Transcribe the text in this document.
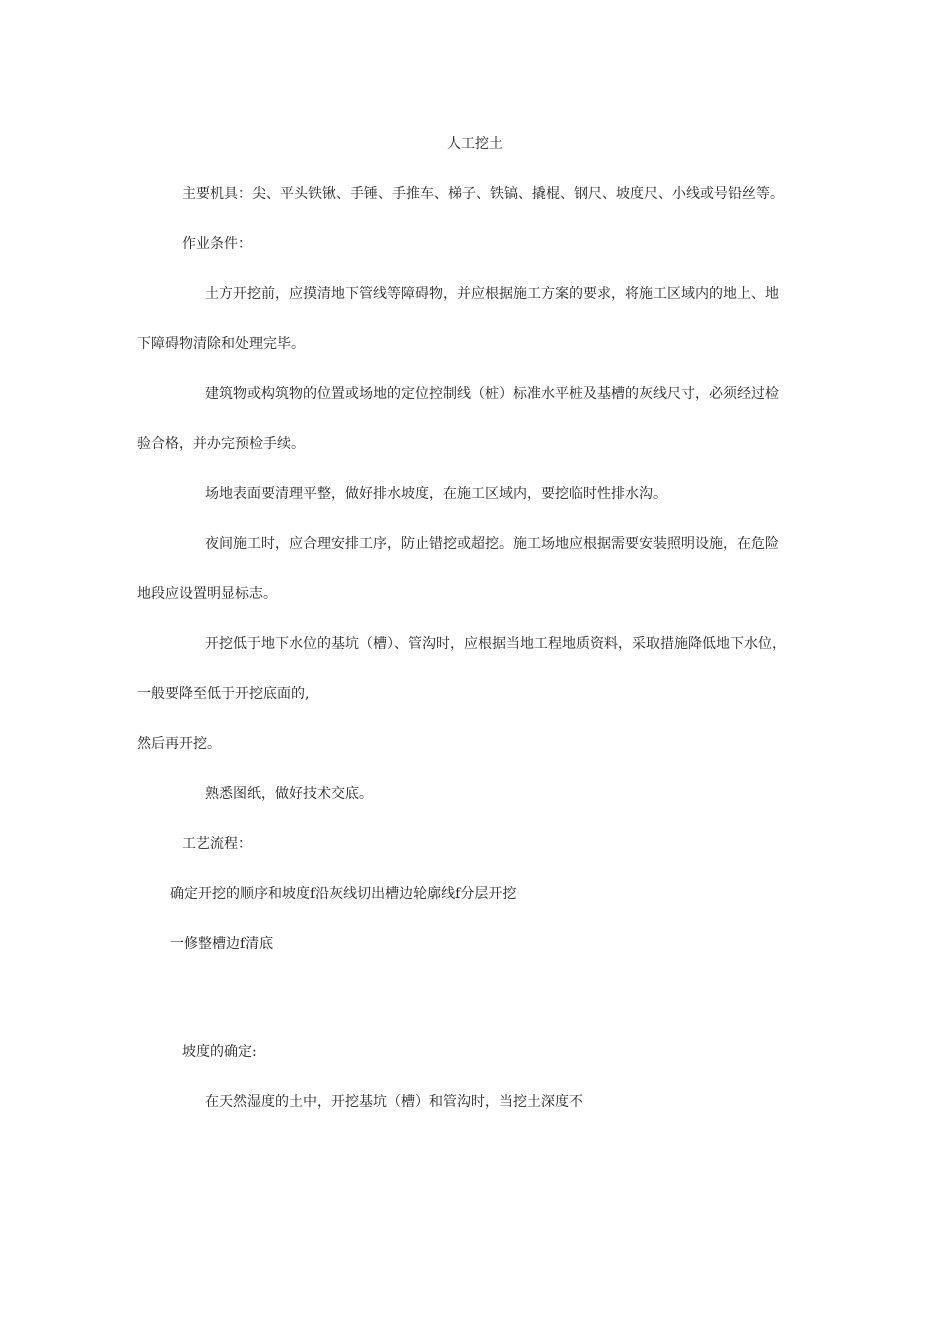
人工挖土
主要机具：尖、平头铁锹、手锤、手推车、梯子、铁镐、撬棍、钢尺、坡度尺、小线或号铅丝等。
作业条件：
土方开挖前，应摸清地下管线等障碍物，并应根据施工方案的要求，将施工区域内的地上、地
下障碍物清除和处理完毕。
建筑物或构筑物的位置或场地的定位控制线（桩）标准水平桩及基槽的灰线尺寸，必须经过检
验合格，并办完预检手续。
场地表面要清理平整，做好排水坡度，在施工区域内，要挖临时性排水沟。
夜间施工时，应合理安排工序，防止错挖或超挖。施工场地应根据需要安装照明设施，在危险
地段应设置明显标志。
开挖低于地下水位的基坑（槽）、管沟时，应根据当地工程地质资料，采取措施降低地下水位，
一般要降至低于开挖底面的,
然后再开挖。
熟悉图纸，做好技术交底。
工艺流程：
确定开挖的顺序和坡度f沿灰线切出槽边轮廓线f分层开挖
一修整槽边f清底
坡度的确定:
在天然湿度的土中，开挖基坑（槽）和管沟时，当挖土深度不
